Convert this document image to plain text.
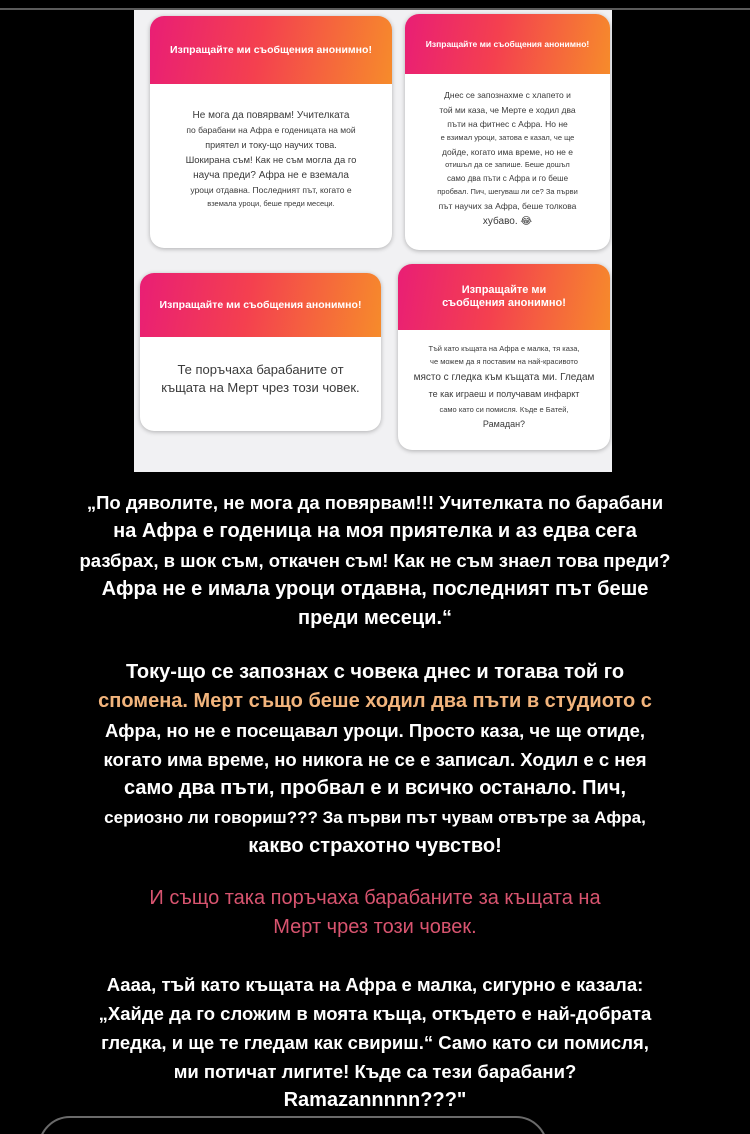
Изпращайте ми съобщения анонимно!
Не мога да повярвам! Учителката
по барабани на Афра е годеницата на мой
приятел и току-що научих това.
Шокирана съм! Как не съм могла да го
науча преди? Афра не е вземала
уроци отдавна. Последният път, когато е
вземала уроци, беше преди месеци.
Изпращайте ми съобщения анонимно!
Днес се запознахме с хлапето и
той ми каза, че Мерте е ходил два
пъти на фитнес с Афра. Но не
е взимал уроци, затова е казал, че ще
дойде, когато има време, но не е
отишъл да се запише. Беше дошъл
само два пъти с Афра и го беше
пробвал. Пич, шегуваш ли се? За първи
път научих за Афра, беше толкова
хубаво. 😂
Изпращайте ми съобщения анонимно!
Те поръчаха барабаните от
къщата на Мерт чрез този човек.
Изпращайте ми съобщения анонимно!
Тъй като къщата на Афра е малка, тя каза,
че можем да я поставим на най-красивото
място с гледка към къщата ми. Гледам
те как играеш и получавам инфаркт
само като си помисля. Къде е Батей,
Рамадан?
„По дяволите, не мога да повярвам!!! Учителката по барабани
на Афра е годеница на моя приятелка и аз едва сега
разбрах, в шок съм, откачен съм! Как не съм знаел това преди?
Афра не е имала уроци отдавна, последният път беше
преди месеци.“
Току-що се запознах с човека днес и тогава той го
спомена. Мерт също беше ходил два пъти в студиото с
Афра, но не е посещавал уроци. Просто каза, че ще отиде,
когато има време, но никога не се е записал. Ходил е с нея
само два пъти, пробвал е и всичко останало. Пич,
сериозно ли говориш??? За първи път чувам отвътре за Афра,
какво страхотно чувство!
И също така поръчаха барабаните за къщата на
Мерт чрез този човек.
Аааа, тъй като къщата на Афра е малка, сигурно е казала:
„Хайде да го сложим в моята къща, откъдето е най-добрата
гледка, и ще те гледам как свириш.“ Само като си помисля,
ми потичат лигите! Къде са тези барабани?
Ramazannnnn???"
